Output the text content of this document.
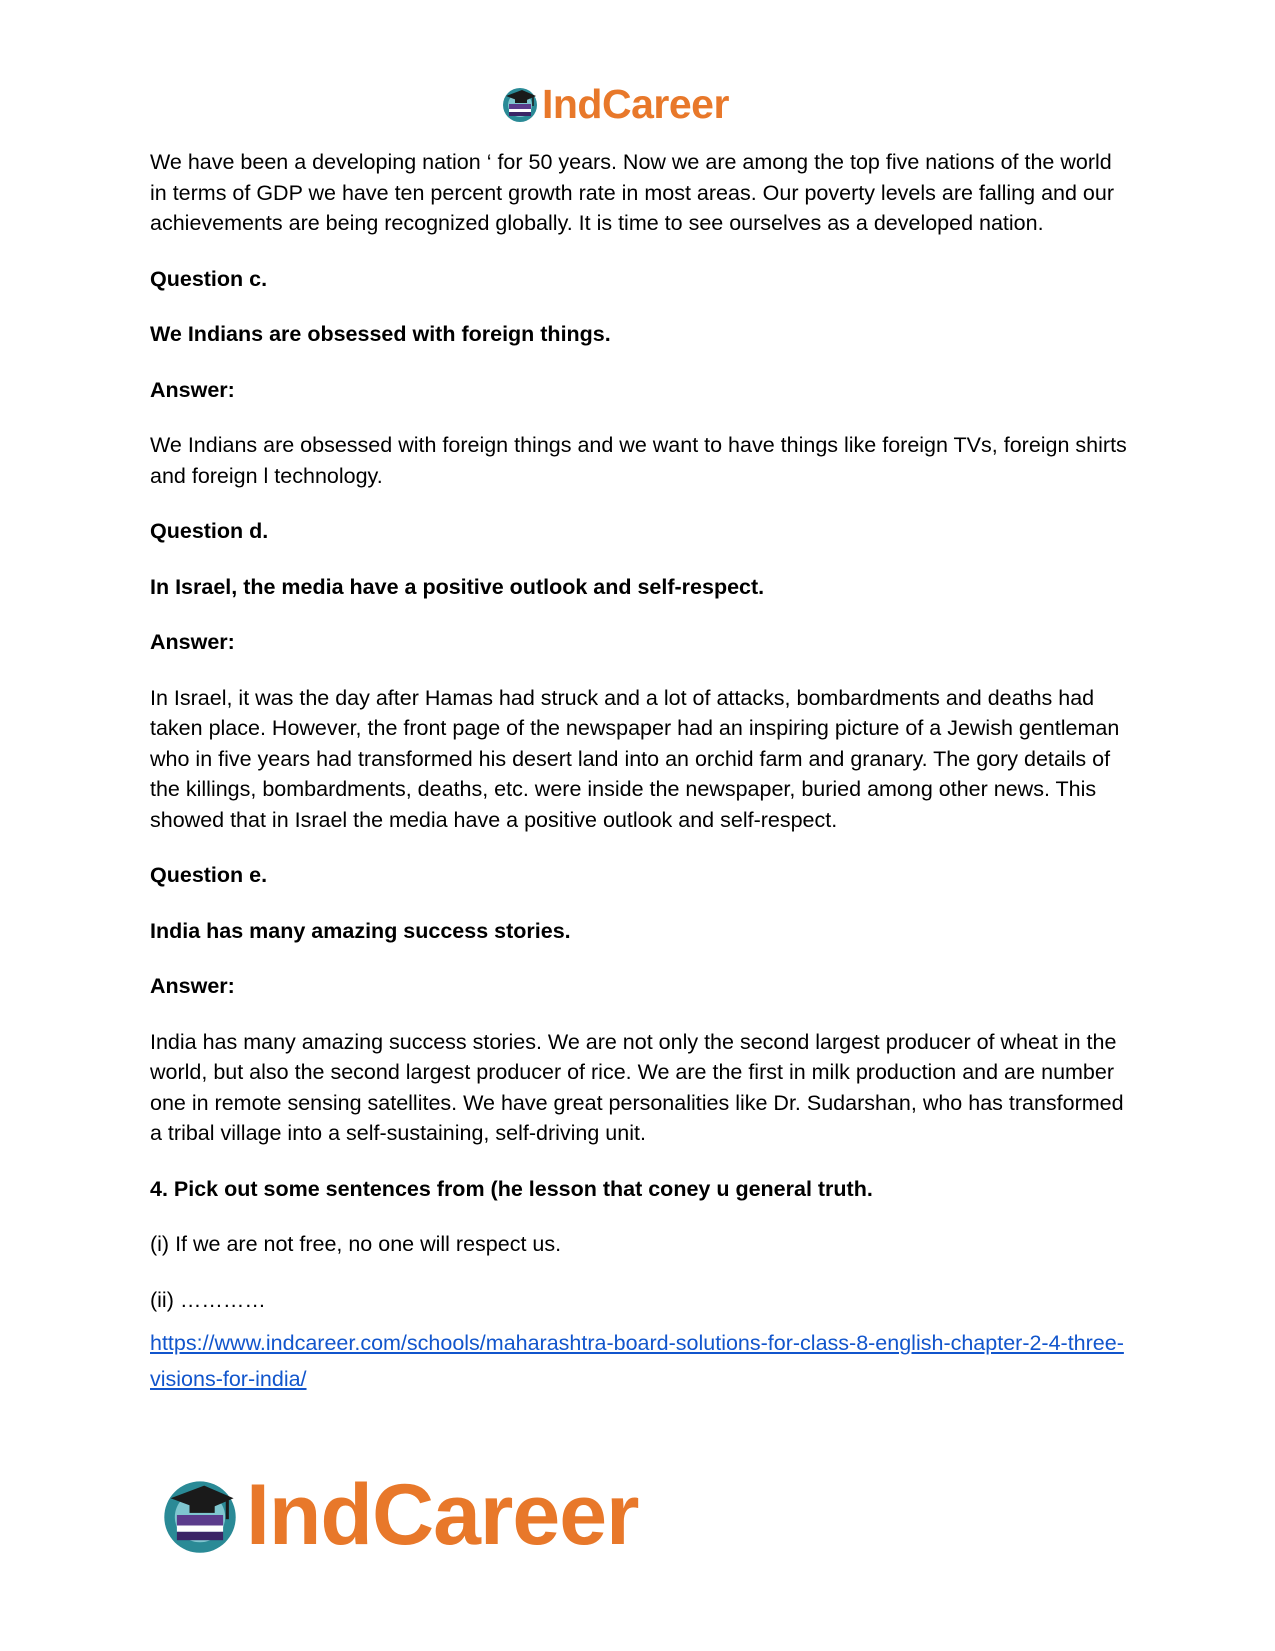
IndCareer

We have been a developing nation ‘ for 50 years. Now we are among the top five nations of the world in terms of GDP we have ten percent growth rate in most areas. Our poverty levels are falling and our achievements are being recognized globally. It is time to see ourselves as a developed nation.

Question c.

We Indians are obsessed with foreign things.

Answer:

We Indians are obsessed with foreign things and we want to have things like foreign TVs, foreign shirts and foreign l technology.

Question d.

In Israel, the media have a positive outlook and self-respect.

Answer:

In Israel, it was the day after Hamas had struck and a lot of attacks, bombardments and deaths had taken place. However, the front page of the newspaper had an inspiring picture of a Jewish gentleman who in five years had transformed his desert land into an orchid farm and granary. The gory details of the killings, bombardments, deaths, etc. were inside the newspaper, buried among other news. This showed that in Israel the media have a positive outlook and self-respect.

Question e.

India has many amazing success stories.

Answer:

India has many amazing success stories. We are not only the second largest producer of wheat in the world, but also the second largest producer of rice. We are the first in milk production and are number one in remote sensing satellites. We have great personalities like Dr. Sudarshan, who has transformed a tribal village into a self-sustaining, self-driving unit.

4. Pick out some sentences from (he lesson that coney u general truth.

(i) If we are not free, no one will respect us.

(ii) …………

https://www.indcareer.com/schools/maharashtra-board-solutions-for-class-8-english-chapter-2-4-three-visions-for-india/
IndCareer
